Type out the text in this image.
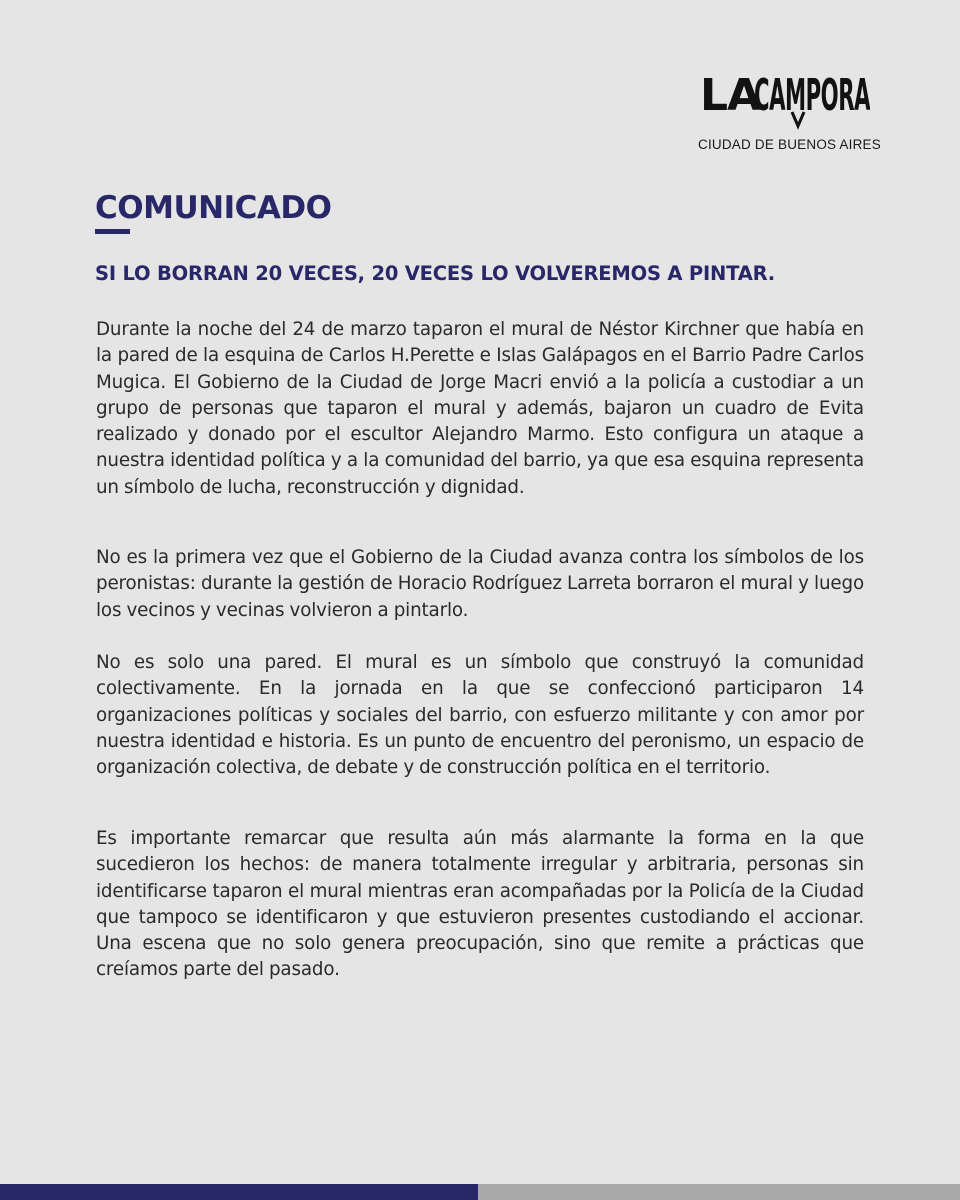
LA
CAMPORA
CIUDAD DE BUENOS AIRES
COMUNICADO
SI LO BORRAN 20 VECES, 20 VECES LO VOLVEREMOS A PINTAR.

Durante la noche del 24 de marzo taparon el mural de Néstor Kirchner que había en la pared de la esquina de Carlos H.Perette e Islas Galápagos en el Barrio Padre Carlos Mugica. El Gobierno de la Ciudad de Jorge Macri envió a la policía a custodiar a un grupo de personas que taparon el mural y además, bajaron un cuadro de Evita realizado y donado por el escultor Alejandro Marmo. Esto configura un ataque a nuestra identidad política y a la comunidad del barrio, ya que esa esquina representa un símbolo de lucha, reconstrucción y dignidad.

No es la primera vez que el Gobierno de la Ciudad avanza contra los símbolos de los peronistas: durante la gestión de Horacio Rodríguez Larreta borraron el mural y luego los vecinos y vecinas volvieron a pintarlo.

No es solo una pared. El mural es un símbolo que construyó la comunidad colectivamente. En la jornada en la que se confeccionó participaron 14 organizaciones políticas y sociales del barrio, con esfuerzo militante y con amor por nuestra identidad e historia. Es un punto de encuentro del peronismo, un espacio de organización colectiva, de debate y de construcción política en el territorio.

Es importante remarcar que resulta aún más alarmante la forma en la que sucedieron los hechos: de manera totalmente irregular y arbitraria, personas sin identificarse taparon el mural mientras eran acompañadas por la Policía de la Ciudad que tampoco se identificaron y que estuvieron presentes custodiando el accionar. Una escena que no solo genera preocupación, sino que remite a prácticas que creíamos parte del pasado.
